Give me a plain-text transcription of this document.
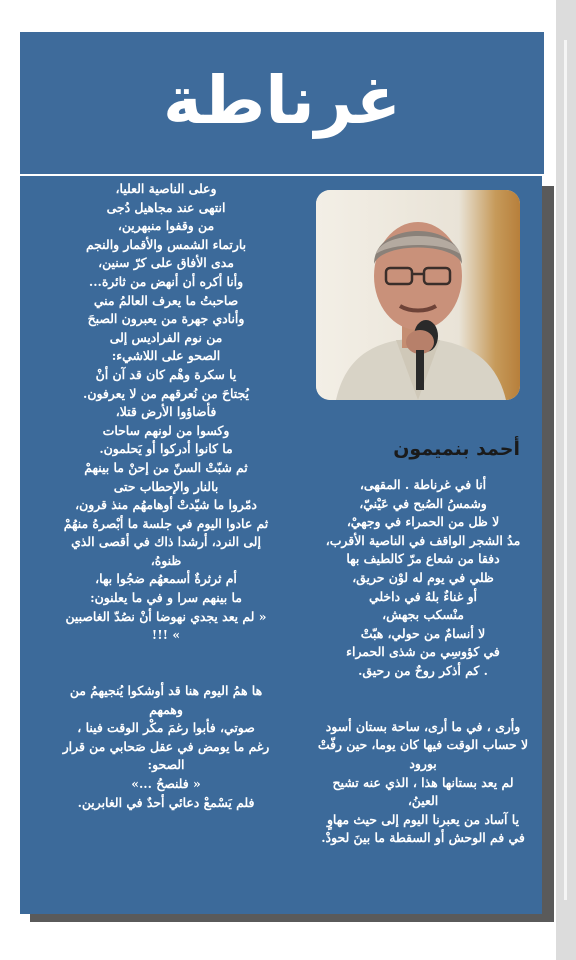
غرناطة
أحمد بنميمون
وعلى الناصية العليا،
انتهى عند مجاهيل دُجى
من وقفوا منبهرين،
بارتماء الشمس والأقمار والنجم
مدى الأفاق على كرّ سنين،
وأنا أكره أن أنهض من ثائرة...
صاحبتُ ما يعرف العالمُ مني
وأنادي جهرة من يعبرون الصبحَ
من نوم الفراديس إلى
الصحو على اللاشيء:
يا سكرة وهْم كان قد آن أنْ
يُجتاحَ من نُعرقهم من لا يعرفون.
فأضاؤوا الأرض قتلا،
وكسوا من لونهم ساحات
ما كانوا أدركوا أو يَحلمون.
ثم شبّتْ السنّ من إحنْ ما بينهمْ
بالنار والإحطاب حتى
دمّروا ما شيّدتْ أوهامهُم منذ قرون،
ثم عادوا اليوم في جلسة ما أبْصرهُ منهُمْ
إلى النرد، أرشدا ذاك في أقصى الذي
ظنوهُ،
أم ثرثرةٌ أسمعهُم ضجُوا بها،
ما بينهم سرا و في ما يعلنون:
« لم يعد يجدي نهوضا أنْ نصُدّ الغاصبين
» !!!
ها همُ اليوم هنا قد أوشكوا يُنجيهمُ من
وهمهم
صوتي، فأبوا رغمَ مكْر الوقت فينا ،
رغم ما يومض في عقل صَحابي من قرار
الصحو:
« فلنصحُ ...»
فلم يَسْمعْ دعائي أحدٌ في الغابرين.
أنا في غرناطة . المقهى،
وشمسُ الصُبح في عَيْنيّ،
لا ظل من الحمراء في وجهيْ،
مدُ الشجر الواقف في الناصية الأقرب،
دفقا من شعاع مرّ كالطيف بها
ظلي في يوم له لوْن حريق،
أو غناءٌ بلهُ في داخلي
منْسكب بجهش،
لا أنسامٌ من حولي، هبّتْ
في كؤوسِي من شذى الحمراء
. كم أذكر روحٌ من رحيق.
وأرى ، في ما أرى، ساحة بستان أسود
لا حساب الوقت فيها كان يوما، حين رفّتْ
بورود
لم يعد بستانها هذا ، الذي عنه تشيح
العينُ،
يا آساد من يعبرنا اليوم إلى حيث مهاوٍ
في فم الوحش أو السقطة ما بينَ لحودْ.
